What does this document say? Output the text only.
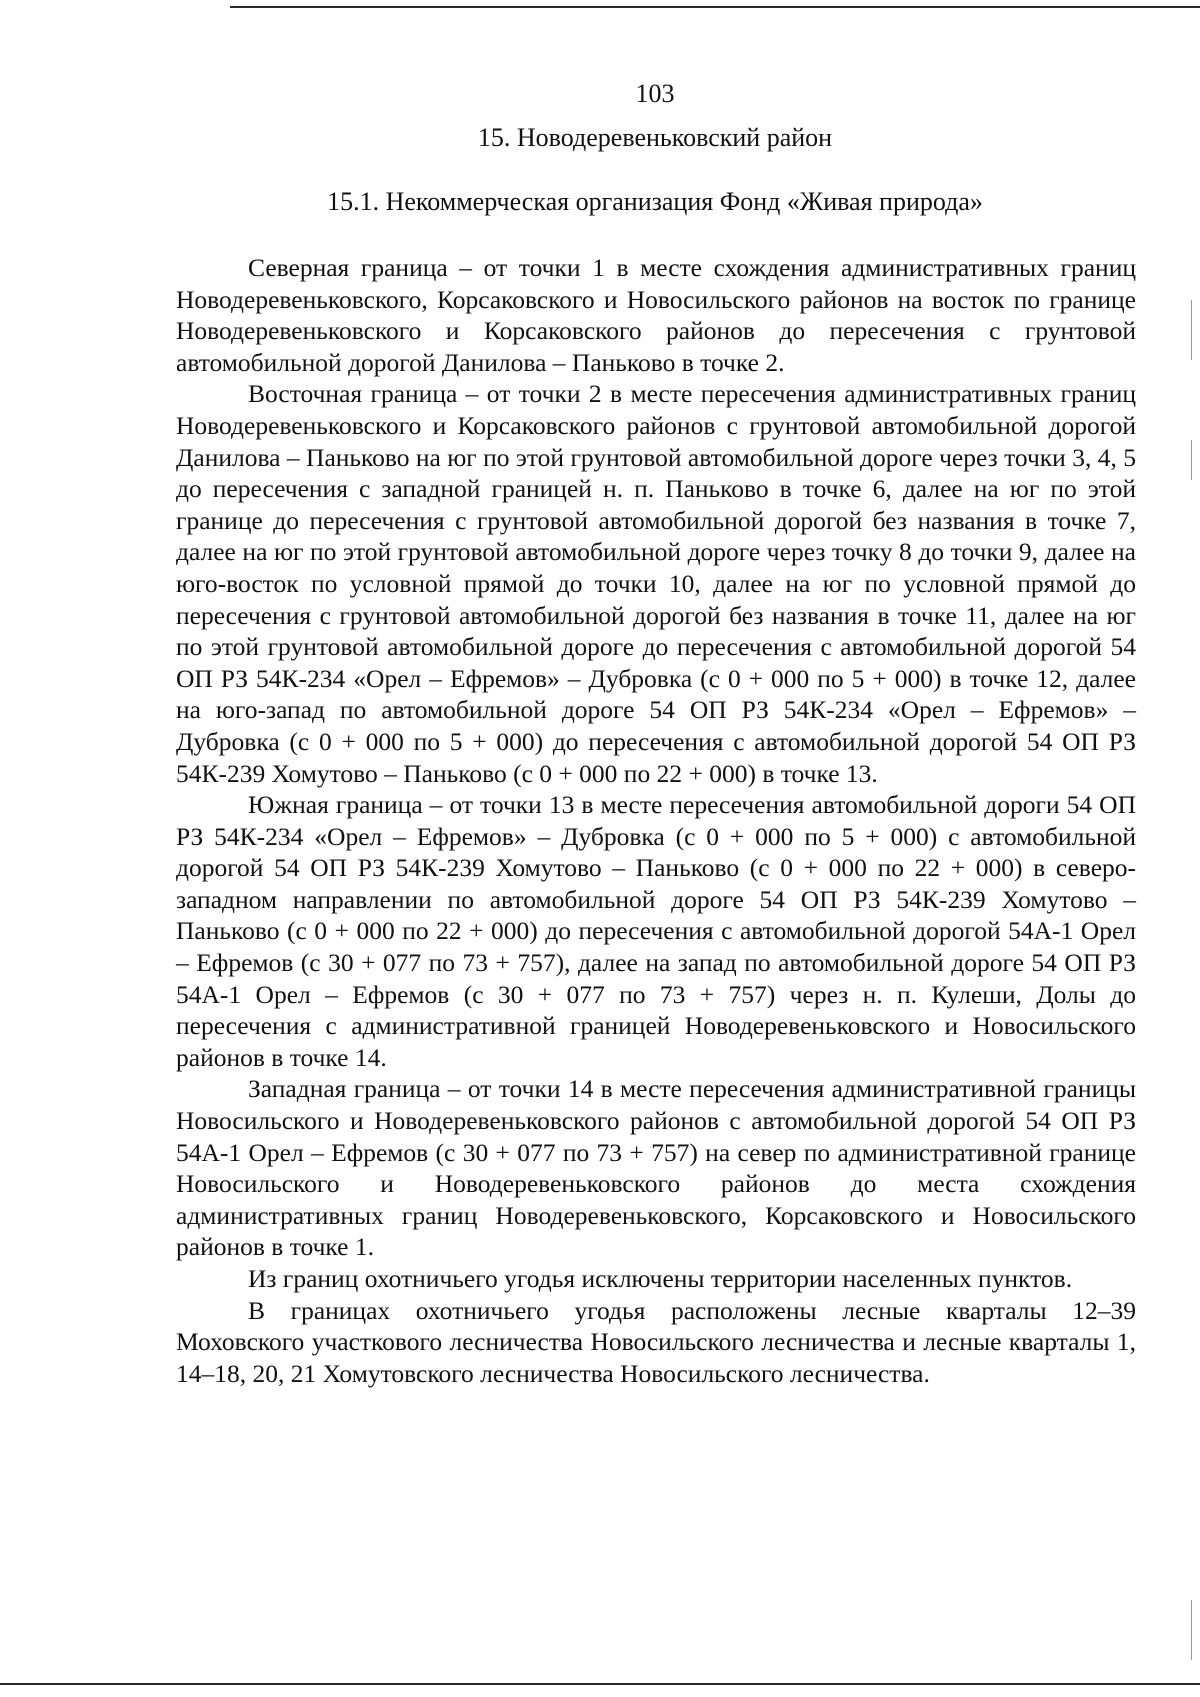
103
15. Новодеревеньковский район
15.1. Некоммерческая организация Фонд «Живая природа»

Северная граница – от точки 1 в месте схождения административных границ Новодеревеньковского, Корсаковского и Новосильского районов на восток по границе Новодеревеньковского и Корсаковского районов до пересечения с грунтовой автомобильной дорогой Данилова – Паньково в точке 2.

Восточная граница – от точки 2 в месте пересечения административных границ Новодеревеньковского и Корсаковского районов с грунтовой автомобильной дорогой Данилова – Паньково на юг по этой грунтовой автомобильной дороге через точки 3, 4, 5 до пересечения с западной границей н. п. Паньково в точке 6, далее на юг по этой границе до пересечения с грунтовой автомобильной дорогой без названия в точке 7, далее на юг по этой грунтовой автомобильной дороге через точку 8 до точки 9, далее на юго-восток по условной прямой до точки 10, далее на юг по условной прямой до пересечения с грунтовой автомобильной дорогой без названия в точке 11, далее на юг по этой грунтовой автомобильной дороге до пересечения с автомобильной дорогой 54 ОП РЗ 54К-234 «Орел – Ефремов» – Дубровка (с 0 + 000 по 5 + 000) в точке 12, далее на юго-запад по автомобильной дороге 54 ОП РЗ 54К-234 «Орел – Ефремов» – Дубровка (с 0 + 000 по 5 + 000) до пересечения с автомобильной дорогой 54 ОП РЗ 54К-239 Хомутово – Паньково (с 0 + 000 по 22 + 000) в точке 13.

Южная граница – от точки 13 в месте пересечения автомобильной дороги 54 ОП РЗ 54К-234 «Орел – Ефремов» – Дубровка (с 0 + 000 по 5 + 000) с автомобильной дорогой 54 ОП РЗ 54К-239 Хомутово – Паньково (с 0 + 000 по 22 + 000) в северо-западном направлении по автомобильной дороге 54 ОП РЗ 54К-239 Хомутово – Паньково (с 0 + 000 по 22 + 000) до пересечения с автомобильной дорогой 54А-1 Орел – Ефремов (с 30 + 077 по 73 + 757), далее на запад по автомобильной дороге 54 ОП РЗ 54А-1 Орел – Ефремов (с 30 + 077 по 73 + 757) через н. п. Кулеши, Долы до пересечения с административной границей Новодеревеньковского и Новосильского районов в точке 14.

Западная граница – от точки 14 в месте пересечения административной границы Новосильского и Новодеревеньковского районов с автомобильной дорогой 54 ОП РЗ 54А-1 Орел – Ефремов (с 30 + 077 по 73 + 757) на север по административной границе Новосильского и Новодеревеньковского районов до места схождения административных границ Новодеревеньковского, Корсаковского и Новосильского районов в точке 1.

Из границ охотничьего угодья исключены территории населенных пунктов.

В границах охотничьего угодья расположены лесные кварталы 12–39 Моховского участкового лесничества Новосильского лесничества и лесные кварталы 1, 14–18, 20, 21 Хомутовского лесничества Новосильского лесничества.
